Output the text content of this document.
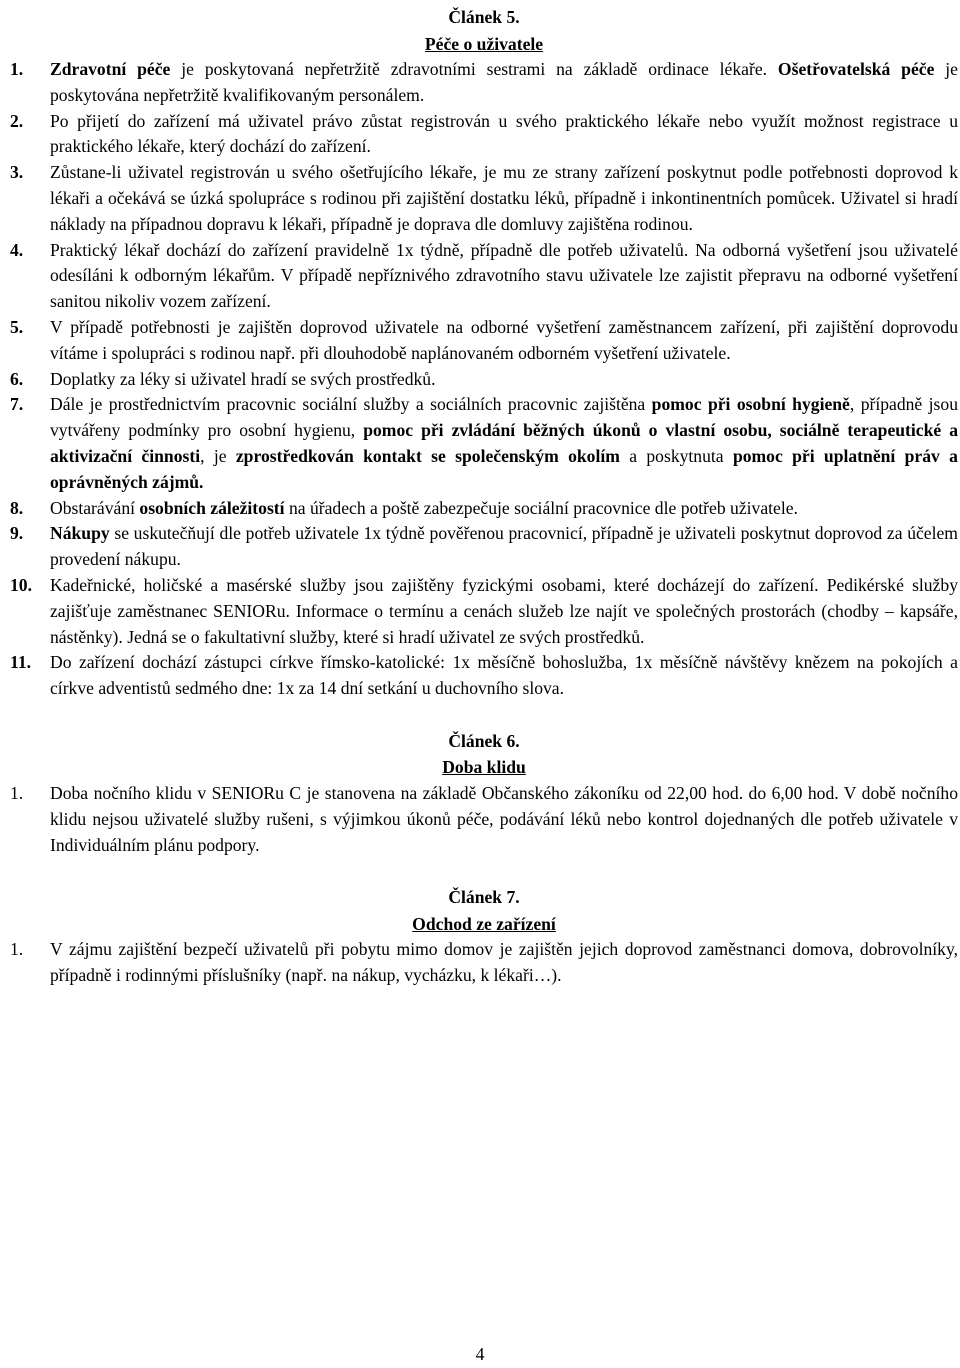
Článek 5.
Péče o uživatele
1. Zdravotní péče je poskytovaná nepřetržitě zdravotními sestrami na základě ordinace lékaře. Ošetřovatelská péče je poskytována nepřetržitě kvalifikovaným personálem.
2. Po přijetí do zařízení má uživatel právo zůstat registrován u svého praktického lékaře nebo využít možnost registrace u praktického lékaře, který dochází do zařízení.
3. Zůstane-li uživatel registrován u svého ošetřujícího lékaře, je mu ze strany zařízení poskytnut podle potřebnosti doprovod k lékaři a očekává se úzká spolupráce s rodinou při zajištění dostatku léků, případně i inkontinentních pomůcek. Uživatel si hradí náklady na případnou dopravu k lékaři, případně je doprava dle domluvy zajištěna rodinou.
4. Praktický lékař dochází do zařízení pravidelně 1x týdně, případně dle potřeb uživatelů. Na odborná vyšetření jsou uživatelé odesíláni k odborným lékařům. V případě nepříznivého zdravotního stavu uživatele lze zajistit přepravu na odborné vyšetření sanitou nikoliv vozem zařízení.
5. V případě potřebnosti je zajištěn doprovod uživatele na odborné vyšetření zaměstnancem zařízení, při zajištění doprovodu vítáme i spolupráci s rodinou např. při dlouhodobě naplánovaném odborném vyšetření uživatele.
6. Doplatky za léky si uživatel hradí se svých prostředků.
7. Dále je prostřednictvím pracovnic sociální služby a sociálních pracovnic zajištěna pomoc při osobní hygieně, případně jsou vytvářeny podmínky pro osobní hygienu, pomoc při zvládání běžných úkonů o vlastní osobu, sociálně terapeutické a aktivizační činnosti, je zprostředkován kontakt se společenským okolím a poskytnuta pomoc při uplatnění práv a oprávněných zájmů.
8. Obstarávání osobních záležitostí na úřadech a poště zabezpečuje sociální pracovnice dle potřeb uživatele.
9. Nákupy se uskutečňují dle potřeb uživatele 1x týdně pověřenou pracovnicí, případně je uživateli poskytnut doprovod za účelem provedení nákupu.
10. Kadeřnické, holičské a masérské služby jsou zajištěny fyzickými osobami, které docházejí do zařízení. Pedikérské služby zajišťuje zaměstnanec SENIORu. Informace o termínu a cenách služeb lze najít ve společných prostorách (chodby – kapsáře, nástěnky). Jedná se o fakultativní služby, které si hradí uživatel ze svých prostředků.
11. Do zařízení dochází zástupci církve římsko-katolické: 1x měsíčně bohoslužba, 1x měsíčně návštěvy knězem na pokojích a církve adventistů sedmého dne: 1x za 14 dní setkání u duchovního slova.
Článek 6.
Doba klidu
1. Doba nočního klidu v SENIORu C je stanovena na základě Občanského zákoníku od 22,00 hod. do 6,00 hod. V době nočního klidu nejsou uživatelé služby rušeni, s výjimkou úkonů péče, podávání léků nebo kontrol dojednaných dle potřeb uživatele v Individuálním plánu podpory.
Článek 7.
Odchod ze zařízení
1. V zájmu zajištění bezpečí uživatelů při pobytu mimo domov je zajištěn jejich doprovod zaměstnanci domova, dobrovolníky, případně i rodinnými příslušníky (např. na nákup, vycházku, k lékaři…).
4
